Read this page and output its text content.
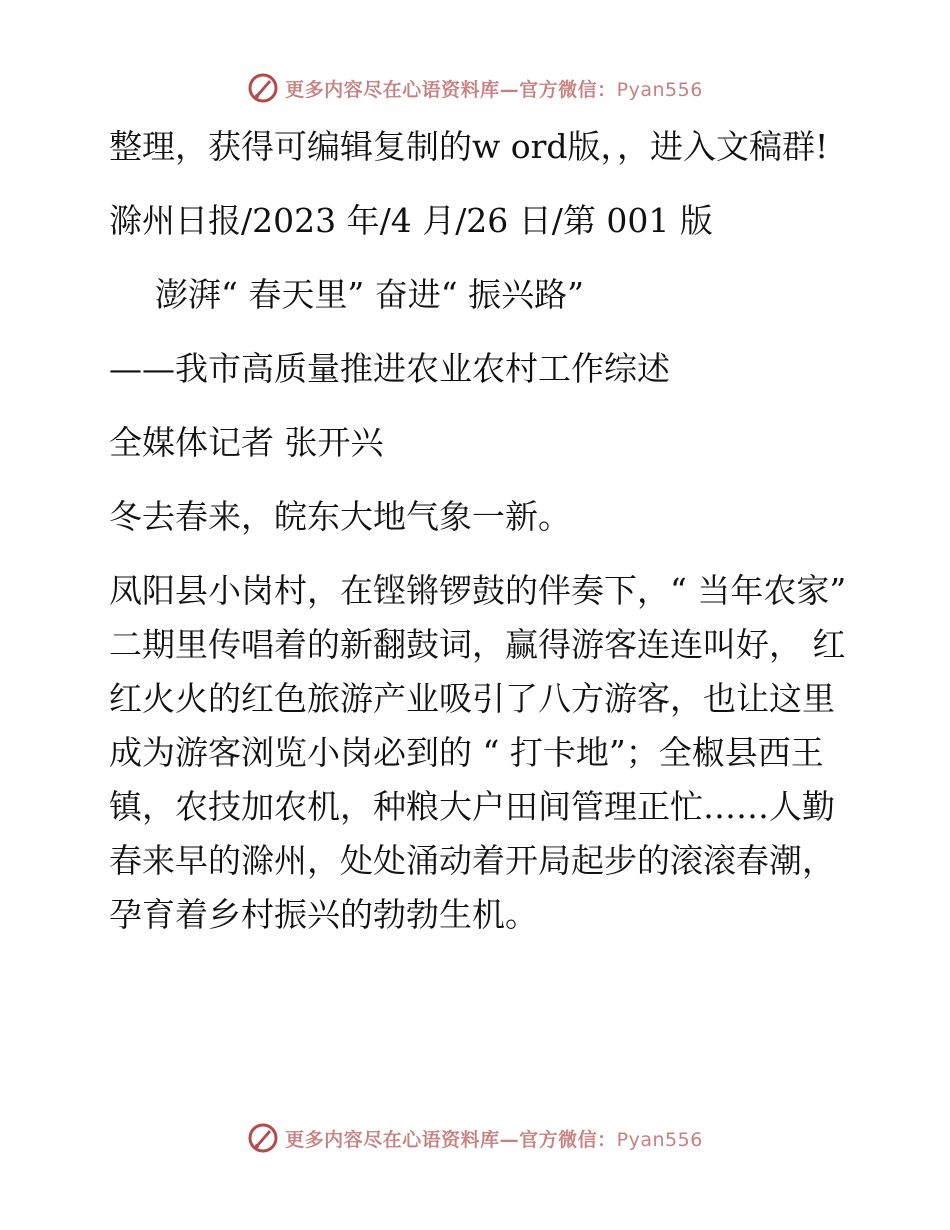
更多内容尽在心语资料库—官方微信：Pyan556

整理，获得可编辑复制的w ord版，，进入文稿群!

滁州日报/2023 年/4 月/26 日/第 001 版

澎湃“ 春天里” 奋进“ 振兴路”

——我市高质量推进农业农村工作综述

全媒体记者 张开兴

冬去春来，皖东大地气象一新。

凤阳县小岗村，在铿锵锣鼓的伴奏下，“ 当年农家” 二期里传唱着的新翻鼓词，赢得游客连连叫好， 红红火火的红色旅游产业吸引了八方游客，也让这里成为游客浏览小岗必到的 “ 打卡地”；全椒县西王镇，农技加农机，种粮大户田间管理正忙……人勤春来早的滁州，处处涌动着开局起步的滚滚春潮，孕育着乡村振兴的勃勃生机。

更多内容尽在心语资料库—官方微信：Pyan556
